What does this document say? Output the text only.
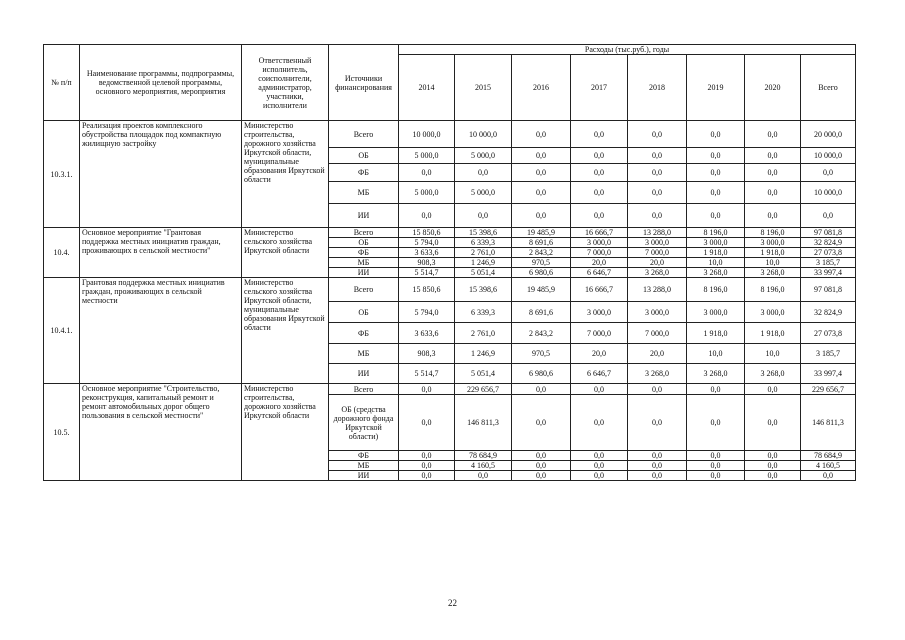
№ п/п	Наименование программы, подпрограммы, ведомственной целевой программы, основного мероприятия, мероприятия	Ответственный исполнитель, соисполнители, администратор, участники, исполнители	Источники финансирования	Расходы (тыс.руб.), годы							
				2014	2015	2016	2017	2018	2019	2020	Всего
10.3.1.	Реализация проектов комплексного обустройства площадок под компактную жилищную застройку	Министерство строительства, дорожного хозяйства Иркутской области, муниципальные образования Иркутской области	Всего	10 000,0	10 000,0	0,0	0,0	0,0	0,0	0,0	20 000,0
			ОБ	5 000,0	5 000,0	0,0	0,0	0,0	0,0	0,0	10 000,0
			ФБ	0,0	0,0	0,0	0,0	0,0	0,0	0,0	0,0
			МБ	5 000,0	5 000,0	0,0	0,0	0,0	0,0	0,0	10 000,0
			ИИ	0,0	0,0	0,0	0,0	0,0	0,0	0,0	0,0
10.4.	Основное мероприятие "Грантовая поддержка местных инициатив граждан, проживающих в сельской местности"	Министерство сельского хозяйства Иркутской области	Всего	15 850,6	15 398,6	19 485,9	16 666,7	13 288,0	8 196,0	8 196,0	97 081,8
			ОБ	5 794,0	6 339,3	8 691,6	3 000,0	3 000,0	3 000,0	3 000,0	32 824,9
			ФБ	3 633,6	2 761,0	2 843,2	7 000,0	7 000,0	1 918,0	1 918,0	27 073,8
			МБ	908,3	1 246,9	970,5	20,0	20,0	10,0	10,0	3 185,7
			ИИ	5 514,7	5 051,4	6 980,6	6 646,7	3 268,0	3 268,0	3 268,0	33 997,4
10.4.1.	Грантовая поддержка местных инициатив граждан, проживающих в сельской местности	Министерство сельского хозяйства Иркутской области, муниципальные образования Иркутской области	Всего	15 850,6	15 398,6	19 485,9	16 666,7	13 288,0	8 196,0	8 196,0	97 081,8
			ОБ	5 794,0	6 339,3	8 691,6	3 000,0	3 000,0	3 000,0	3 000,0	32 824,9
			ФБ	3 633,6	2 761,0	2 843,2	7 000,0	7 000,0	1 918,0	1 918,0	27 073,8
			МБ	908,3	1 246,9	970,5	20,0	20,0	10,0	10,0	3 185,7
			ИИ	5 514,7	5 051,4	6 980,6	6 646,7	3 268,0	3 268,0	3 268,0	33 997,4
10.5.	Основное мероприятие "Строительство, реконструкция, капитальный ремонт и ремонт автомобильных дорог общего пользования в сельской местности"	Министерство строительства, дорожного хозяйства Иркутской области	Всего	0,0	229 656,7	0,0	0,0	0,0	0,0	0,0	229 656,7
			ОБ (средства дорожного фонда Иркутской области)	0,0	146 811,3	0,0	0,0	0,0	0,0	0,0	146 811,3
			ФБ	0,0	78 684,9	0,0	0,0	0,0	0,0	0,0	78 684,9
			МБ	0,0	4 160,5	0,0	0,0	0,0	0,0	0,0	4 160,5
			ИИ	0,0	0,0	0,0	0,0	0,0	0,0	0,0	0,0
22
